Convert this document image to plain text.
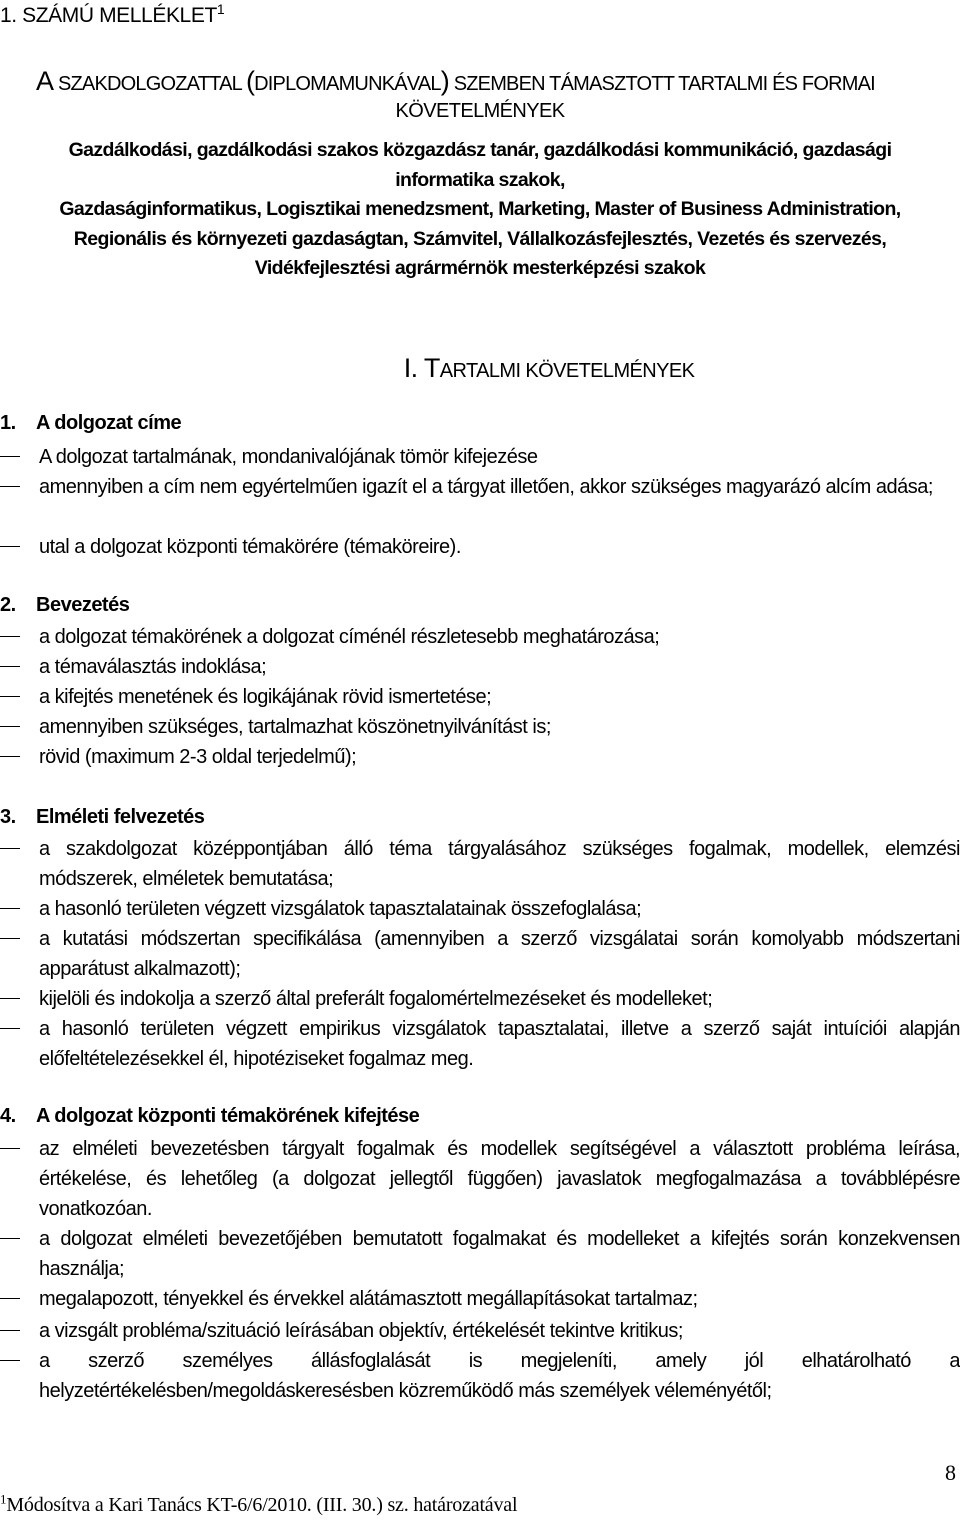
1. SZÁMÚ MELLÉKLET$^1$
A SZAKDOLGOZATTAL (DIPLOMAMUNKÁVAL) SZEMBEN TÁMASZTOTT TARTALMI ÉS FORMAI
KÖVETELMÉNYEK
Gazdálkodási, gazdálkodási szakos közgazdász tanár, gazdálkodási kommunikáció, gazdasági
informatika szakok,
Gazdaságinformatikus, Logisztikai menedzsment, Marketing, Master of Business Administration,
Regionális és környezeti gazdaságtan, Számvitel, Vállalkozásfejlesztés, Vezetés és szervezés,
Vidékfejlesztési agrármérnök mesterképzési szakok
I. TARTALMI KÖVETELMÉNYEK
1. A dolgozat címe
A dolgozat tartalmának, mondanivalójának tömör kifejezése
amennyiben a cím nem egyértelműen igazít el a tárgyat illetően, akkor szükséges magyarázó alcím adása;
utal a dolgozat központi témakörére (témaköreire).
2. Bevezetés
a dolgozat témakörének a dolgozat címénél részletesebb meghatározása;
a témaválasztás indoklása;
a kifejtés menetének és logikájának rövid ismertetése;
amennyiben szükséges, tartalmazhat köszönetnyilvánítást is;
rövid (maximum 2-3 oldal terjedelmű);
3. Elméleti felvezetés
a szakdolgozat középpontjában álló téma tárgyalásához szükséges fogalmak, modellek, elemzési módszerek, elméletek bemutatása;
a hasonló területen végzett vizsgálatok tapasztalatainak összefoglalása;
a kutatási módszertan specifikálása (amennyiben a szerző vizsgálatai során komolyabb módszertani apparátust alkalmazott);
kijelöli és indokolja a szerző által preferált fogalomértelmezéseket és modelleket;
a hasonló területen végzett empirikus vizsgálatok tapasztalatai, illetve a szerző saját intuíciói alapján előfeltételezésekkel él, hipotéziseket fogalmaz meg.
4. A dolgozat központi témakörének kifejtése
az elméleti bevezetésben tárgyalt fogalmak és modellek segítségével a választott probléma leírása, értékelése, és lehetőleg (a dolgozat jellegtől függően) javaslatok megfogalmazása a továbblépésre vonatkozóan.
a dolgozat elméleti bevezetőjében bemutatott fogalmakat és modelleket a kifejtés során konzekvensen használja;
megalapozott, tényekkel és érvekkel alátámasztott megállapításokat tartalmaz;
a vizsgált probléma/szituáció leírásában objektív, értékelését tekintve kritikus;
a szerző személyes állásfoglalását is megjeleníti, amely jól elhatárolható a helyzetértékelésben/megoldáskeresésben közreműködő más személyek véleményétől;
8
$^1$Módosítva a Kari Tanács KT-6/6/2010. (III. 30.) sz. határozatával
